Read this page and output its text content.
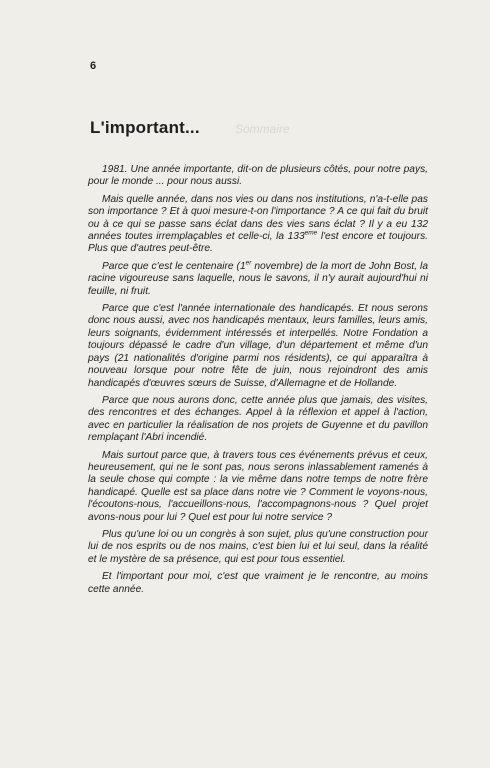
6
L'important...	Sommaire

1981. Une année importante, dit-on de plusieurs côtés, pour notre pays, pour le monde ... pour nous aussi.

Mais quelle année, dans nos vies ou dans nos institutions, n'a-t-elle pas son importance ? Et à quoi mesure-t-on l'importance ? A ce qui fait du bruit ou à ce qui se passe sans éclat dans des vies sans éclat ? Il y a eu 132 années toutes irremplaçables et celle-ci, la 133eme l'est encore et toujours. Plus que d'autres peut-être.

Parce que c'est le centenaire (1er novembre) de la mort de John Bost, la racine vigoureuse sans laquelle, nous le savons, il n'y aurait aujourd'hui ni feuille, ni fruit.

Parce que c'est l'année internationale des handicapés. Et nous serons donc nous aussi, avec nos handicapés mentaux, leurs familles, leurs amis, leurs soignants, évidemment intéressés et interpellés. Notre Fondation a toujours dépassé le cadre d'un village, d'un département et même d'un pays (21 nationalités d'origine parmi nos résidents), ce qui apparaîtra à nouveau lorsque pour notre fête de juin, nous rejoindront des amis handicapés d'œuvres sœurs de Suisse, d'Allemagne et de Hollande.

Parce que nous aurons donc, cette année plus que jamais, des visites, des rencontres et des échanges. Appel à la réflexion et appel à l'action, avec en particulier la réalisation de nos projets de Guyenne et du pavillon remplaçant l'Abri incendié.

Mais surtout parce que, à travers tous ces événements prévus et ceux, heureusement, qui ne le sont pas, nous serons inlassablement ramenés à la seule chose qui compte : la vie même dans notre temps de notre frère handicapé. Quelle est sa place dans notre vie ? Comment le voyons-nous, l'écoutons-nous, l'accueillons-nous, l'accompagnons-nous ? Quel projet avons-nous pour lui ? Quel est pour lui notre service ?

Plus qu'une loi ou un congrès à son sujet, plus qu'une construction pour lui de nos esprits ou de nos mains, c'est bien lui et lui seul, dans la réalité et le mystère de sa présence, qui est pour tous essentiel.

Et l'important pour moi, c'est que vraiment je le rencontre, au moins cette année.
